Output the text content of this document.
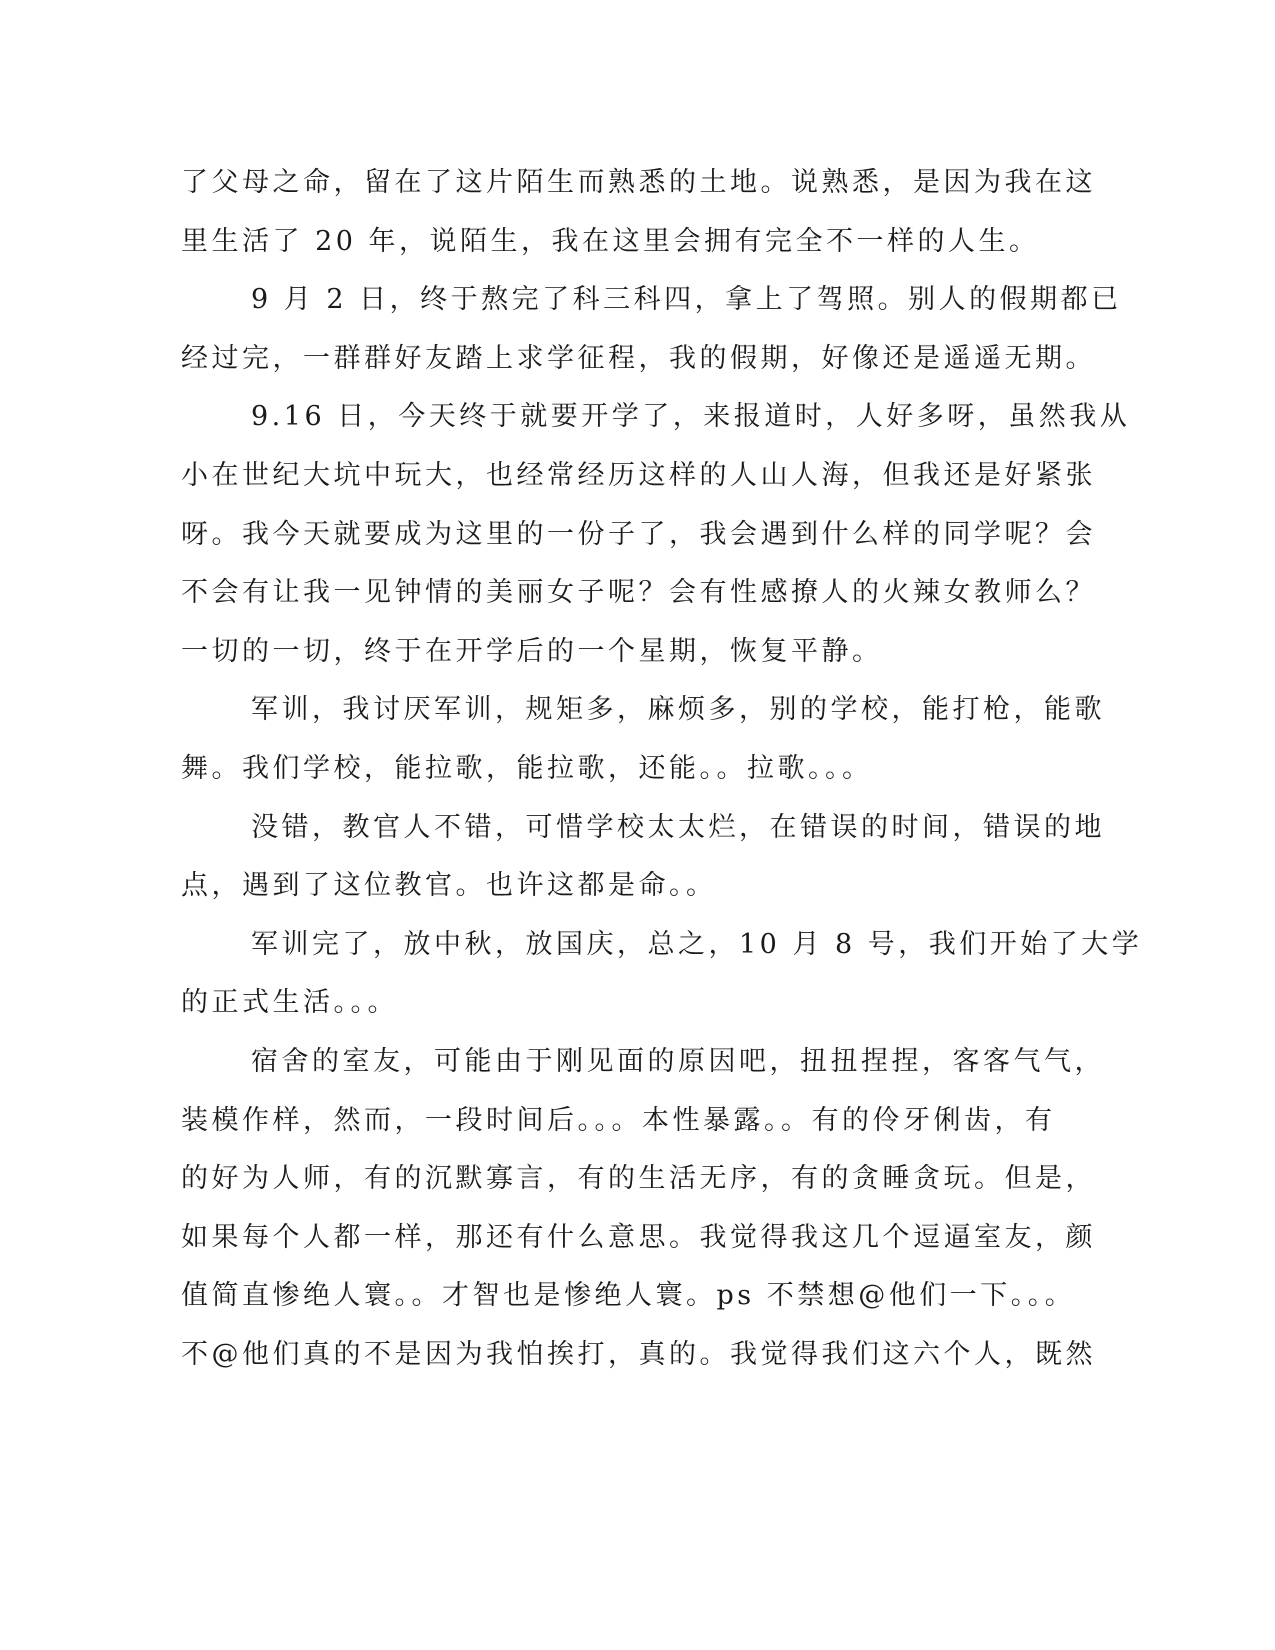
了父母之命，留在了这片陌生而熟悉的土地。说熟悉，是因为我在这
里生活了 20 年，说陌生，我在这里会拥有完全不一样的人生。
9 月 2 日，终于熬完了科三科四，拿上了驾照。别人的假期都已
经过完，一群群好友踏上求学征程，我的假期，好像还是遥遥无期。
9.16 日，今天终于就要开学了，来报道时，人好多呀，虽然我从
小在世纪大坑中玩大，也经常经历这样的人山人海，但我还是好紧张
呀。我今天就要成为这里的一份子了，我会遇到什么样的同学呢？会
不会有让我一见钟情的美丽女子呢？会有性感撩人的火辣女教师么？
一切的一切，终于在开学后的一个星期，恢复平静。
军训，我讨厌军训，规矩多，麻烦多，别的学校，能打枪，能歌
舞。我们学校，能拉歌，能拉歌，还能。。拉歌。。。
没错，教官人不错，可惜学校太太烂，在错误的时间，错误的地
点，遇到了这位教官。也许这都是命。。
军训完了，放中秋，放国庆，总之，10 月 8 号，我们开始了大学
的正式生活。。。
宿舍的室友，可能由于刚见面的原因吧，扭扭捏捏，客客气气，
装模作样，然而，一段时间后。。。本性暴露。。有的伶牙俐齿，有
的好为人师，有的沉默寡言，有的生活无序，有的贪睡贪玩。但是，
如果每个人都一样，那还有什么意思。我觉得我这几个逗逼室友，颜
值简直惨绝人寰。。才智也是惨绝人寰。ps 不禁想@他们一下。。。
不@他们真的不是因为我怕挨打，真的。我觉得我们这六个人，既然
